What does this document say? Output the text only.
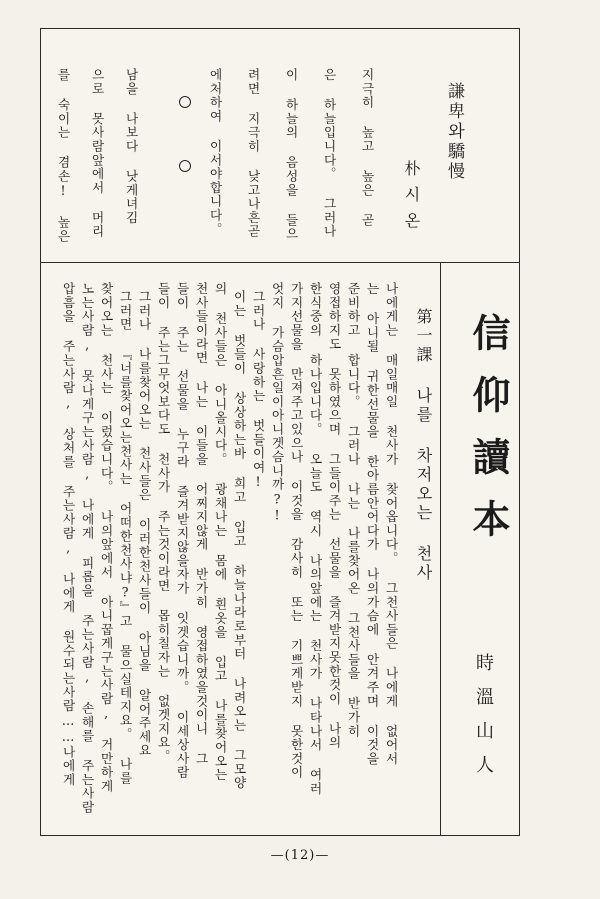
信仰讀本
時溫山人
謙卑와驕慢
朴시온
지극히 높고 높은 곧
은 하늘입니다。 그러나
이 하늘의 음성을 들으
려면 지극히 낮고나흔곧
에처하여 이서야합니다。
남을 나보다 낫게녀김
으로 못사람앞에서 머리
를 숙이는 겸손! 높은
第一課 나를 차저오는 천사
나에게는 매일매일 천사가 찾어옵니다。 그천사들은 나에게 없어서
는 아니될 귀한선물을 한아름안어다가 나의가슴에 안겨주며 이것을
준비하고 합니다。 그러나 나는 나를찾어온 그천사들을 반가히
영접하지도 못하였으며 그들이주는 선물을 즐겨받지못한것이 나의
한식중의 하나입니다。 오늘도 역시 나의앞에는 천사가 나타나서 여러
가지선물을 만져주고있으나 이것을 감사히 또는 기쁘게받지 못한것이
엇지 가슴압흔일이아니겟슴니까?!
그러나 사랑하는 벗들이여!
이는 벗들이 상상하는바 희고 입고 하늘나라로부터 나려오는 그모양
의 천사들은 아니올시다。 광채나는 몸에 흰옷을 입고 나를찾어오는
천사들이라면 나는 이들을 어찌지않게 반가히 영접하였을것이니 그
들이 주는 선물을 누구라 즐겨받지않을자가 잇겟습니까。 이세상사람
들이 주는그무엇보다도 천사가 주는것이라면 몹히칠자는 없겟지요。
그러나 나를찾어오는 천사들은 이러한천사들이 아님을 알어주세요
그러면 『너를찾어오는천사는 어떠한천사냐?』고 물으실테지요。 나를
찾어오는 천사는 이렀습니다。 나의앞에서 아니꿉게구는사람, 거만하게
노는사람, 못나게구는사람, 나에게 피롭을 주는사람, 손해를 주는사람
압흠을 주는사람, 상처를 주는사람, 나에게 원수되는사람……나에게
—(12)—
